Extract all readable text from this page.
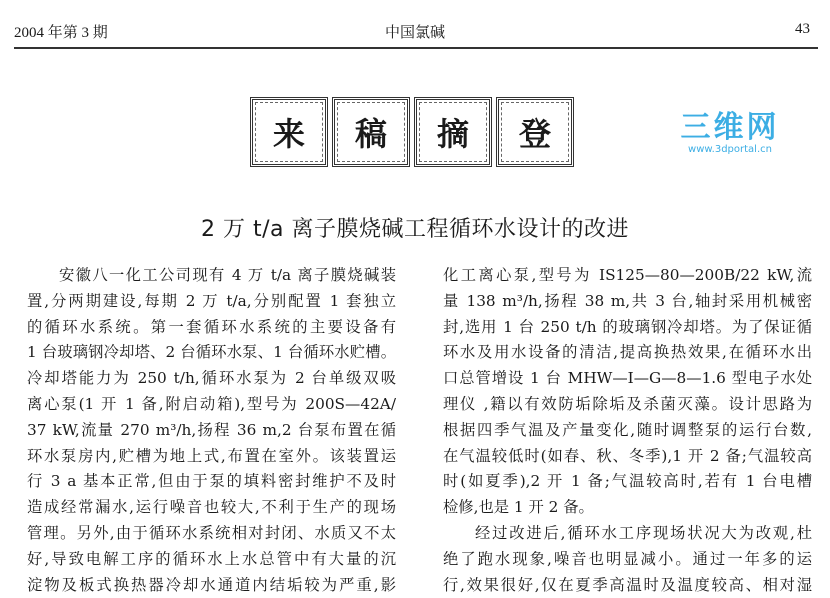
2004 年第 3 期	中国氯碱	43
来	稿	摘	登	三维网
www.3dportal.cn
2 万 t/a 离子膜烧碱工程循环水设计的改进
安徽八一化工公司现有 4 万 t/a 离子膜烧碱装
置,分两期建设,每期 2 万 t/a,分别配置 1 套独立
的循环水系统。第一套循环水系统的主要设备有
1 台玻璃钢冷却塔、2 台循环水泵、1 台循环水贮槽。
冷却塔能力为 250 t/h,循环水泵为 2 台单级双吸
离心泵(1 开 1 备,附启动箱),型号为 200S—42A/
37 kW,流量 270 m³/h,扬程 36 m,2 台泵布置在循
环水泵房内,贮槽为地上式,布置在室外。该装置运
行 3 a 基本正常,但由于泵的填料密封维护不及时
造成经常漏水,运行噪音也较大,不利于生产的现场
管理。另外,由于循环水系统相对封闭、水质又不太
好,导致电解工序的循环水上水总管中有大量的沉
淀物及板式换热器冷却水通道内结垢较为严重,影
化工离心泵,型号为 IS125—80—200B/22 kW,流
量 138 m³/h,扬程 38 m,共 3 台,轴封采用机械密
封,选用 1 台 250 t/h 的玻璃钢冷却塔。为了保证循
环水及用水设备的清洁,提高换热效果,在循环水出
口总管增设 1 台 MHW—I—G—8—1.6 型电子水处
理仪 ,籍以有效防垢除垢及杀菌灭藻。设计思路为
根据四季气温及产量变化,随时调整泵的运行台数,
在气温较低时(如春、秋、冬季),1 开 2 备;气温较高
时(如夏季),2 开 1 备;气温较高时,若有 1 台电槽
检修,也是 1 开 2 备。
经过改进后,循环水工序现场状况大为改观,杜
绝了跑水现象,噪音也明显减小。通过一年多的运
行,效果很好,仅在夏季高温时及温度较高、相对湿
